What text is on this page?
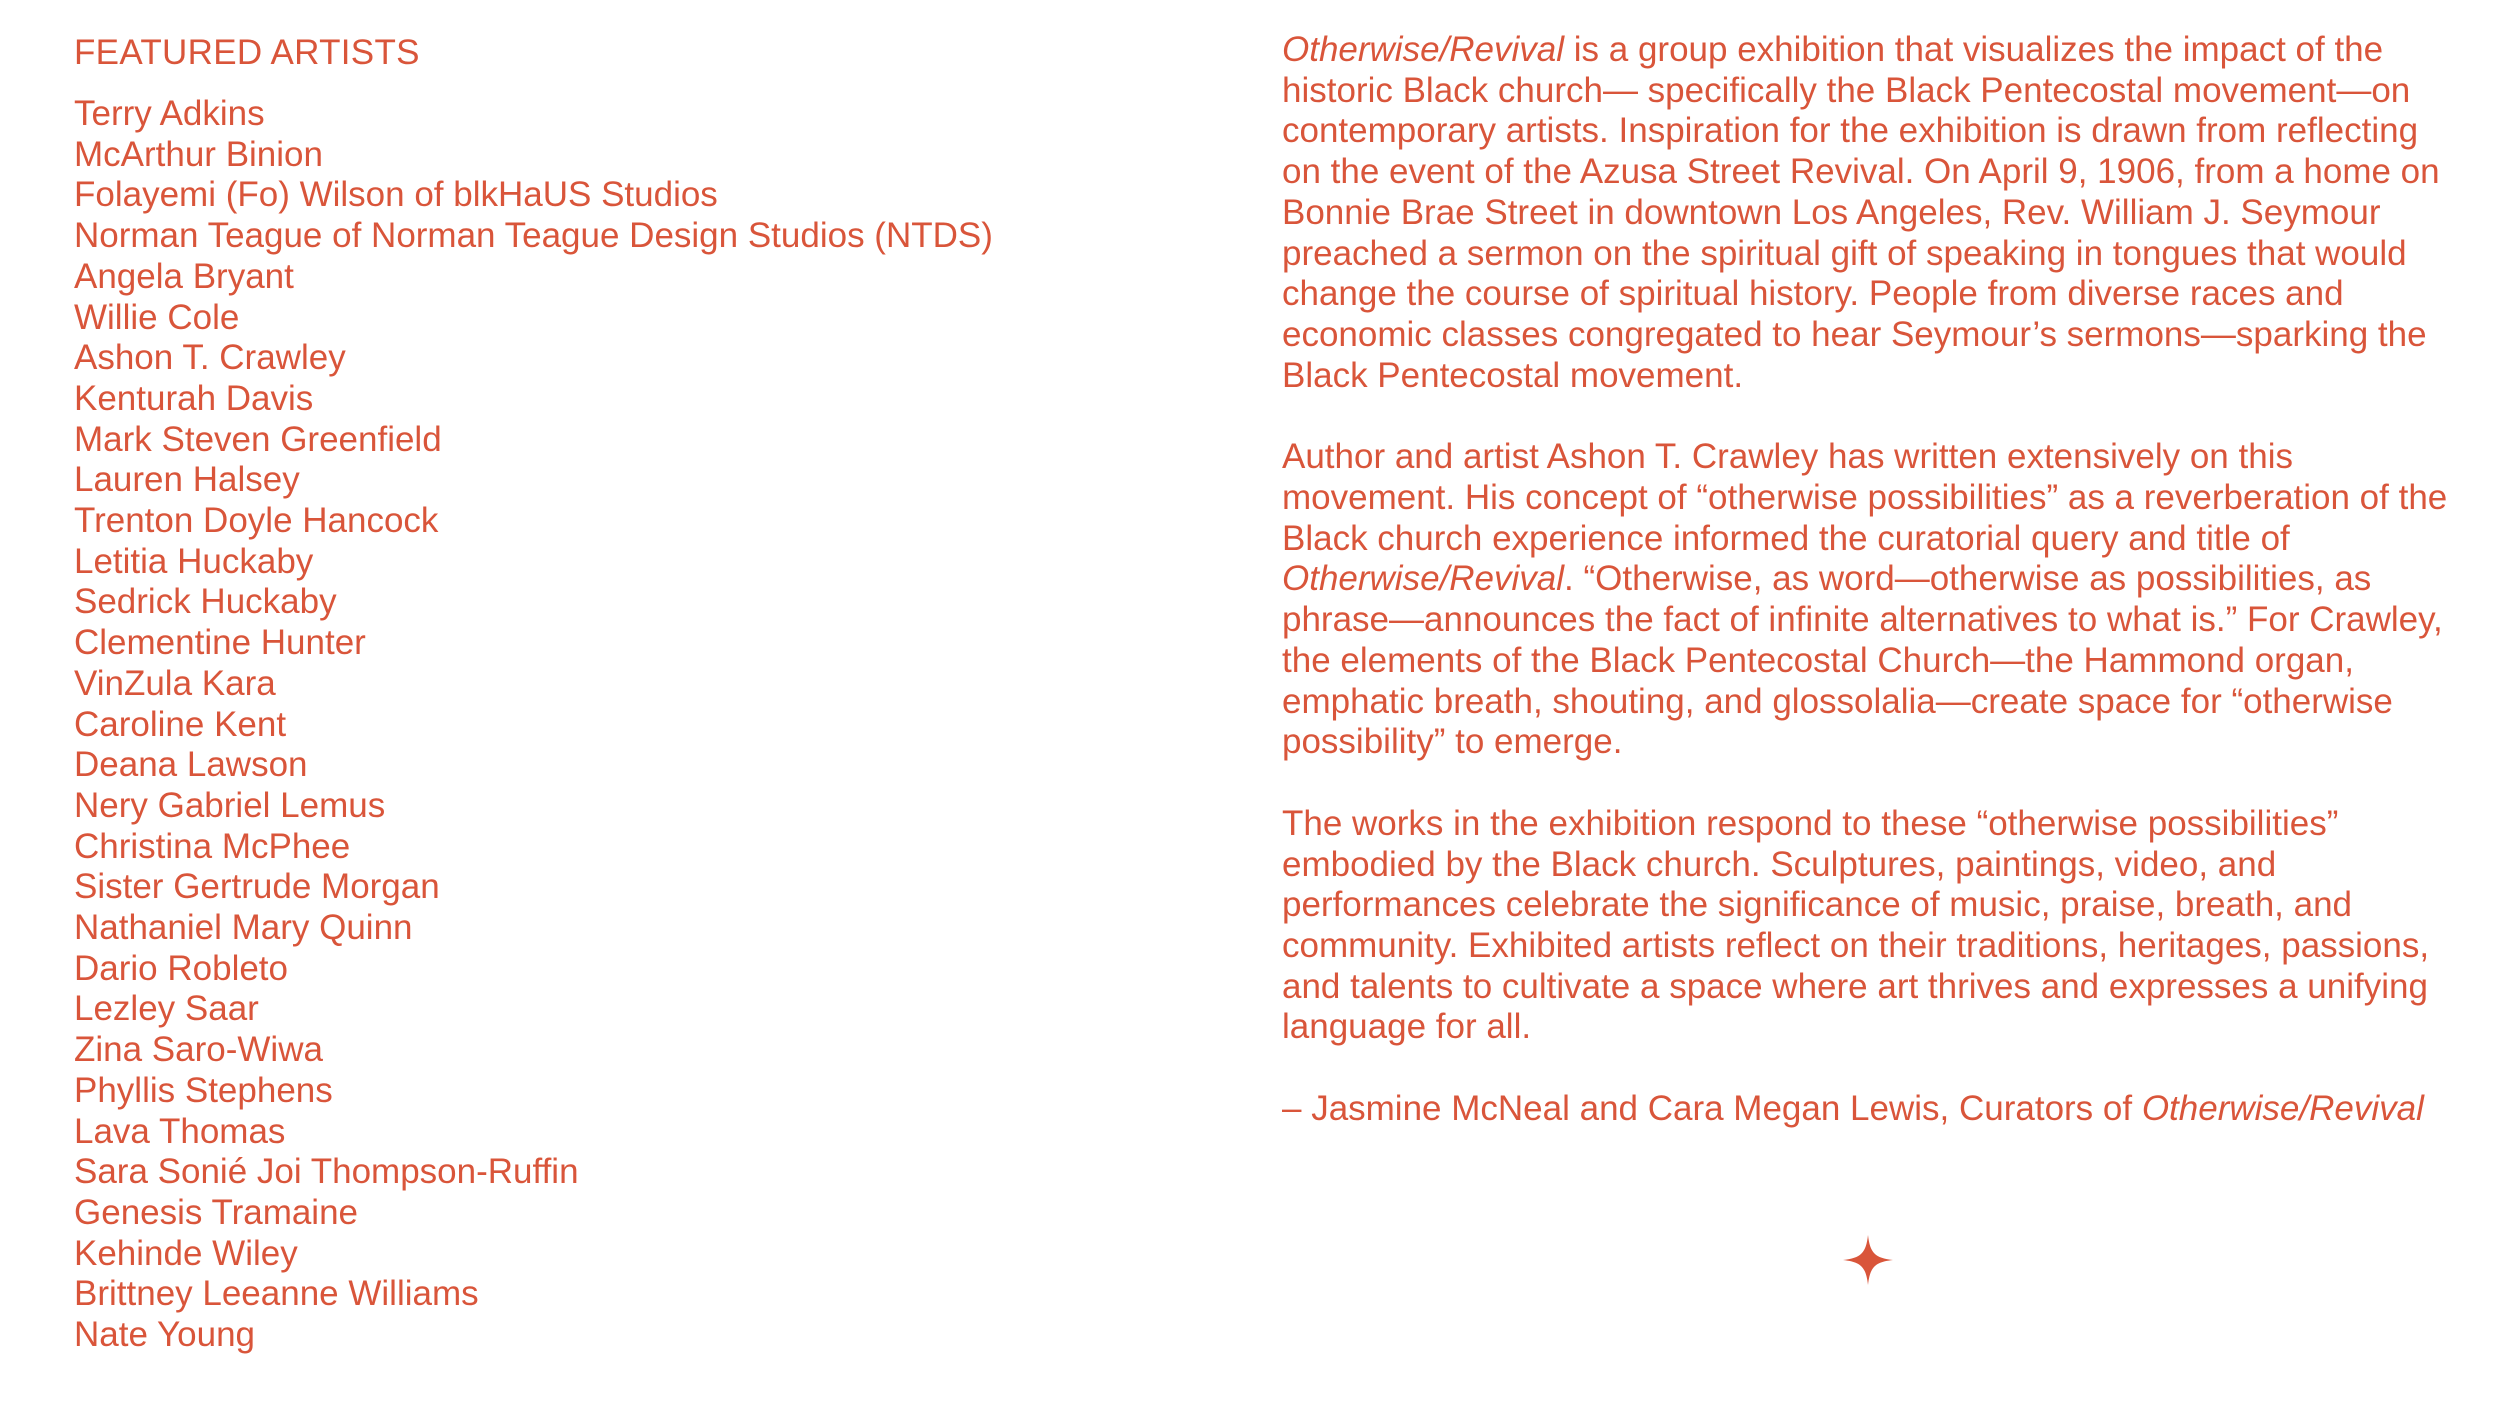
FEATURED ARTISTS
Terry Adkins
McArthur Binion
Folayemi (Fo) Wilson of blkHaUS Studios
Norman Teague of Norman Teague Design Studios (NTDS)
Angela Bryant
Willie Cole
Ashon T. Crawley
Kenturah Davis
Mark Steven Greenfield
Lauren Halsey
Trenton Doyle Hancock
Letitia Huckaby
Sedrick Huckaby
Clementine Hunter
VinZula Kara
Caroline Kent
Deana Lawson
Nery Gabriel Lemus
Christina McPhee
Sister Gertrude Morgan
Nathaniel Mary Quinn
Dario Robleto
Lezley Saar
Zina Saro-Wiwa
Phyllis Stephens
Lava Thomas
Sara Sonié Joi Thompson-Ruffin
Genesis Tramaine
Kehinde Wiley
Brittney Leeanne Williams
Nate Young

Otherwise/Revival is a group exhibition that visualizes the impact of the historic Black church— specifically the Black Pentecostal movement—on contemporary artists. Inspiration for the exhibition is drawn from reflecting on the event of the Azusa Street Revival. On April 9, 1906, from a home on Bonnie Brae Street in downtown Los Angeles, Rev. William J. Seymour preached a sermon on the spiritual gift of speaking in tongues that would change the course of spiritual history. People from diverse races and economic classes congregated to hear Seymour’s sermons—sparking the Black Pentecostal movement.

Author and artist Ashon T. Crawley has written extensively on this movement. His concept of “otherwise possibilities” as a reverberation of the Black church experience informed the curatorial query and title of Otherwise/Revival. “Otherwise, as word—otherwise as possibilities, as phrase—announces the fact of infinite alternatives to what is.” For Crawley, the elements of the Black Pentecostal Church—the Hammond organ, emphatic breath, shouting, and glossolalia—create space for “otherwise possibility” to emerge.

The works in the exhibition respond to these “otherwise possibilities” embodied by the Black church. Sculptures, paintings, video, and performances celebrate the significance of music, praise, breath, and community. Exhibited artists reflect on their traditions, heritages, passions, and talents to cultivate a space where art thrives and expresses a unifying language for all.

– Jasmine McNeal and Cara Megan Lewis, Curators of Otherwise/Revival
